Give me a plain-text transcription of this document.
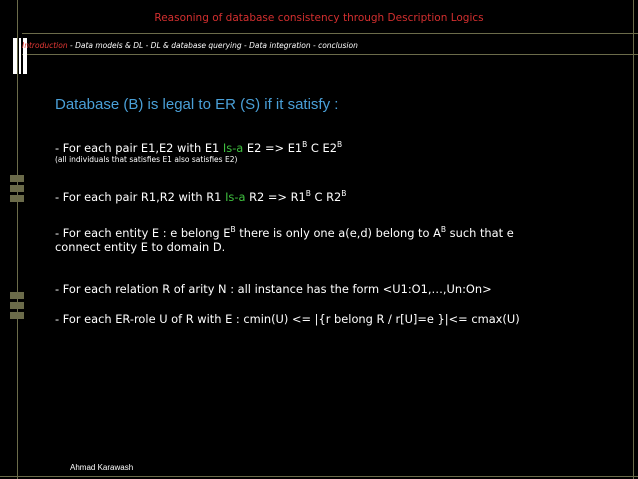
Reasoning of database consistency through Description Logics
Introduction - Data models & DL - DL & database querying - Data integration - conclusion
Database (B) is legal to ER (S) if it satisfy :
- For each pair E1,E2 with E1 Is-a $E2 => E1^B$ C $E2^B$
(all individuals that satisfies E1 also satisfies E2)
- For each pair R1,R2 with R1 Is-a $R2 => R1^B$ C $R2^B$
- For each entity E : e belong $E^B$ there is only one a(e,d) belong to $A^B$ such that e
connect entity E to domain D.
- For each relation R of arity N : all instance has the form <U1:O1,…,Un:On>
- For each ER-role U of R with E : cmin(U) <= |{r belong R / r[U]=e }|<= cmax(U)
Ahmad Karawash
